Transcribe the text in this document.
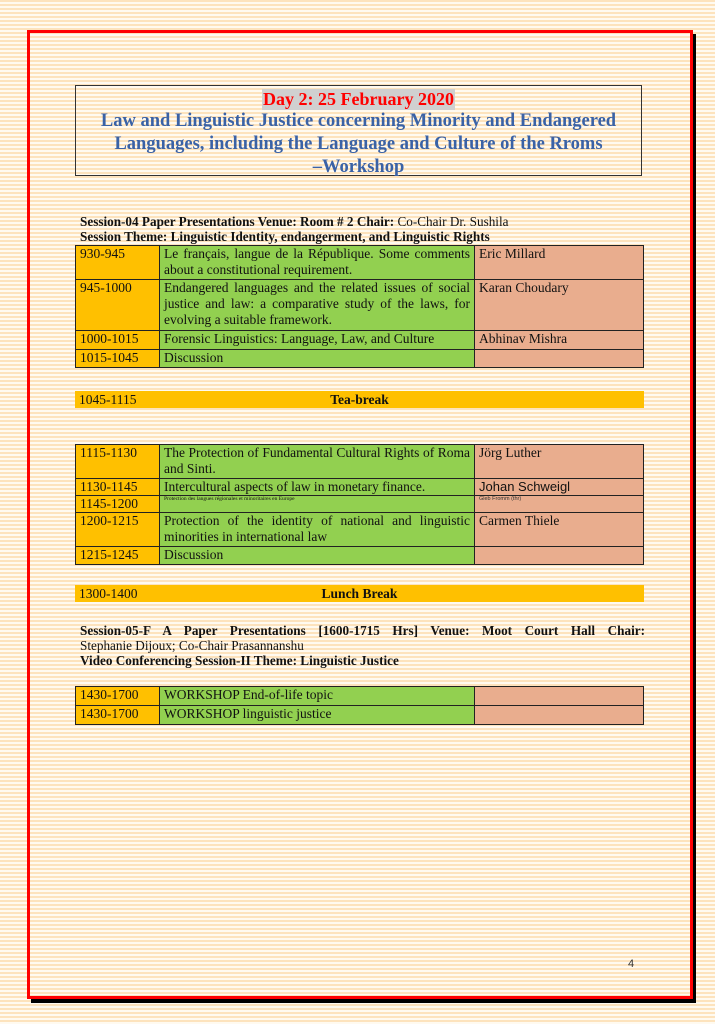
Day 2: 25 February 2020
Law and Linguistic Justice concerning Minority and Endangered
Languages, including the Language and Culture of the Rroms
–Workshop
Session-04 Paper Presentations Venue: Room # 2 Chair: Co-Chair Dr. Sushila
Session Theme: Linguistic Identity, endangerment, and Linguistic Rights
930-945	Le français, langue de la République. Some comments about a constitutional requirement.	Eric Millard
945-1000	Endangered languages and the related issues of social justice and law: a comparative study of the laws, for evolving a suitable framework.	Karan Choudary
1000-1015	Forensic Linguistics: Language, Law, and Culture	Abhinav Mishra
1015-1045	Discussion	
1045-1115	Tea-break
1115-1130	The Protection of Fundamental Cultural Rights of Roma and Sinti.	Jörg Luther
1130-1145	Intercultural aspects of law in monetary finance.	Johan Schweigl
1145-1200	Protection des langues régionales et minoritaires en Europe	Gleb Fromm (thr)

1200-1215	Protection of the identity of national and linguistic minorities in international law	Carmen Thiele
1215-1245	Discussion	
1300-1400	Lunch Break
Session-05-F A Paper Presentations [1600-1715 Hrs] Venue: Moot Court Hall Chair:
Stephanie Dijoux; Co-Chair Prasannanshu
Video Conferencing Session-II Theme: Linguistic Justice
1430-1700	WORKSHOP End-of-life topic	
1430-1700	WORKSHOP linguistic justice	
4
